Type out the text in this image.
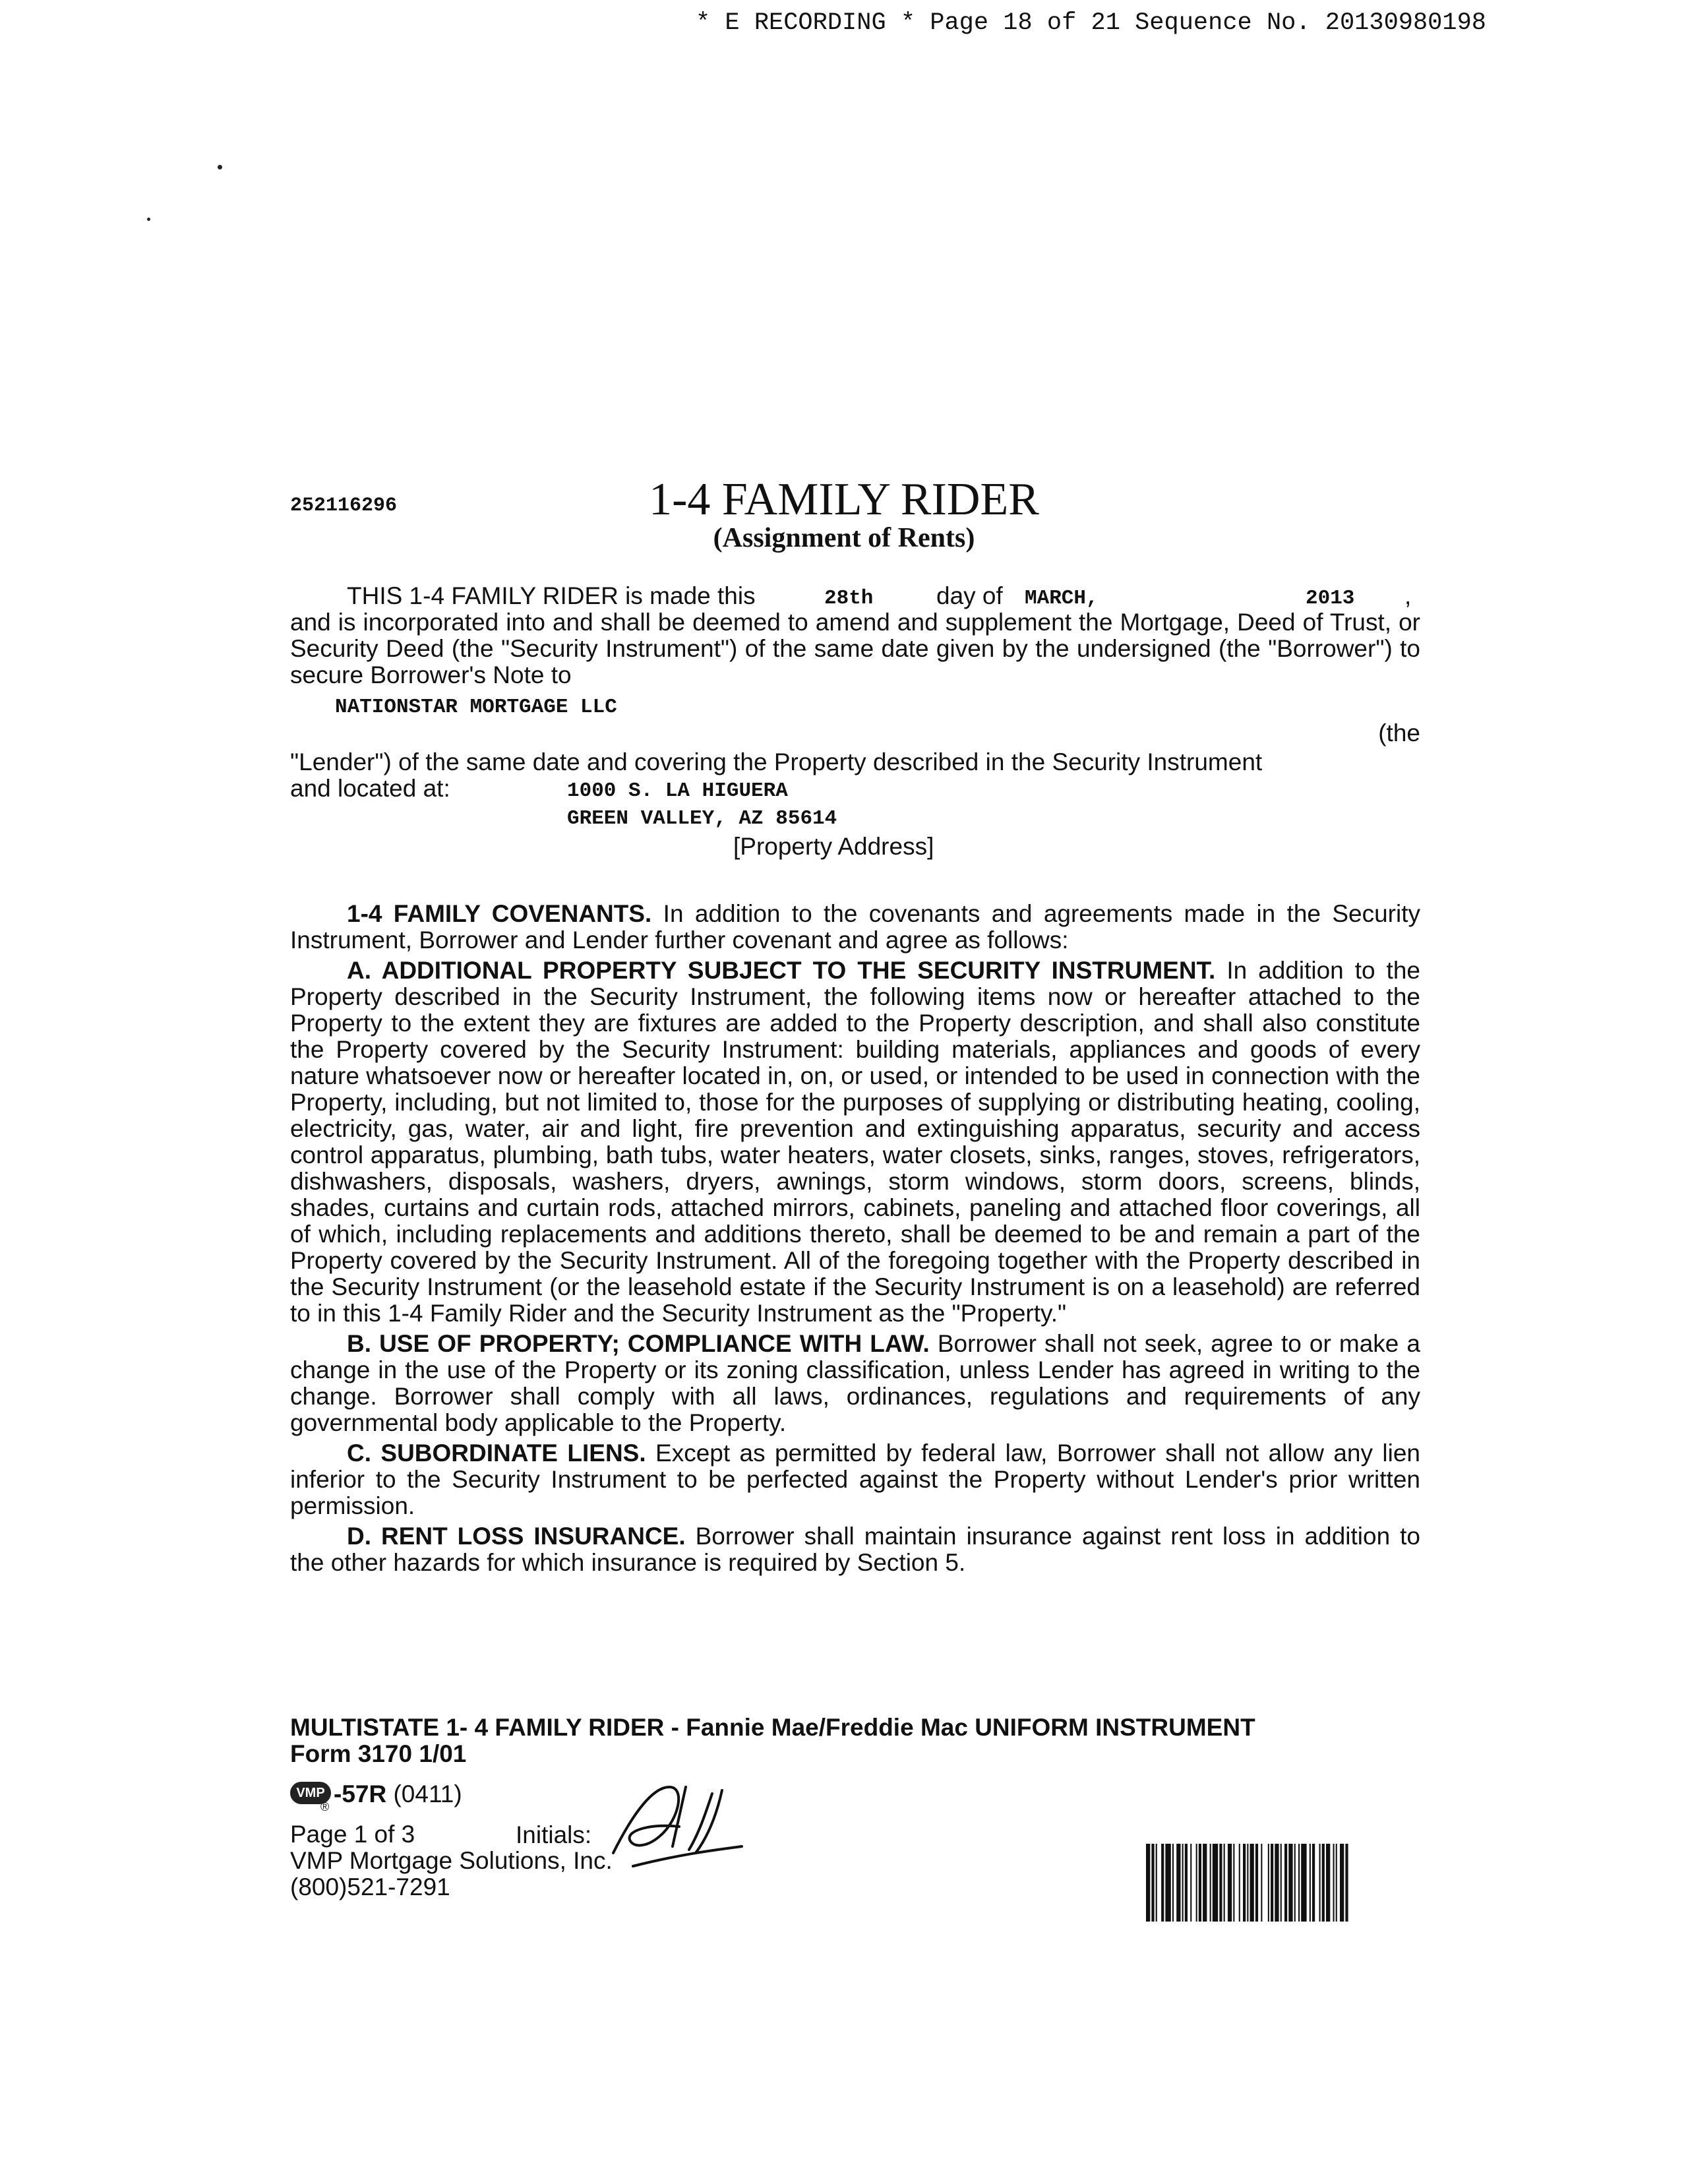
* E RECORDING * Page 18 of 21 Sequence No. 20130980198
252116296	1-4 FAMILY RIDER
(Assignment of Rents)
THIS 1-4 FAMILY RIDER is made this	28th	day of MARCH,	2013 ,

and is incorporated into and shall be deemed to amend and supplement the Mortgage, Deed of Trust, or Security Deed (the "Security Instrument") of the same date given by the undersigned (the "Borrower") to secure Borrower's Note to

NATIONSTAR MORTGAGE LLC
(the

"Lender") of the same date and covering the Property described in the Security Instrument

and located at:	1000 S. LA HIGUERA
GREEN VALLEY, AZ 85614
[Property Address]

1-4 FAMILY COVENANTS. In addition to the covenants and agreements made in the Security Instrument, Borrower and Lender further covenant and agree as follows:

A. ADDITIONAL PROPERTY SUBJECT TO THE SECURITY INSTRUMENT. In addition to the Property described in the Security Instrument, the following items now or hereafter attached to the Property to the extent they are fixtures are added to the Property description, and shall also constitute the Property covered by the Security Instrument: building materials, appliances and goods of every nature whatsoever now or hereafter located in, on, or used, or intended to be used in connection with the Property, including, but not limited to, those for the purposes of supplying or distributing heating, cooling, electricity, gas, water, air and light, fire prevention and extinguishing apparatus, security and access control apparatus, plumbing, bath tubs, water heaters, water closets, sinks, ranges, stoves, refrigerators, dishwashers, disposals, washers, dryers, awnings, storm windows, storm doors, screens, blinds, shades, curtains and curtain rods, attached mirrors, cabinets, paneling and attached floor coverings, all of which, including replacements and additions thereto, shall be deemed to be and remain a part of the Property covered by the Security Instrument. All of the foregoing together with the Property described in the Security Instrument (or the leasehold estate if the Security Instrument is on a leasehold) are referred to in this 1-4 Family Rider and the Security Instrument as the "Property."

B. USE OF PROPERTY; COMPLIANCE WITH LAW. Borrower shall not seek, agree to or make a change in the use of the Property or its zoning classification, unless Lender has agreed in writing to the change. Borrower shall comply with all laws, ordinances, regulations and requirements of any governmental body applicable to the Property.

C. SUBORDINATE LIENS. Except as permitted by federal law, Borrower shall not allow any lien inferior to the Security Instrument to be perfected against the Property without Lender's prior written permission.

D. RENT LOSS INSURANCE. Borrower shall maintain insurance against rent loss in addition to the other hazards for which insurance is required by Section 5.

MULTISTATE 1- 4 FAMILY RIDER - Fannie Mae/Freddie Mac UNIFORM INSTRUMENT
Form 3170 1/01
VMP
® -57R (0411)
Page 1 of 3
VMP Mortgage Solutions, Inc.
(800)521-7291
Initials:
